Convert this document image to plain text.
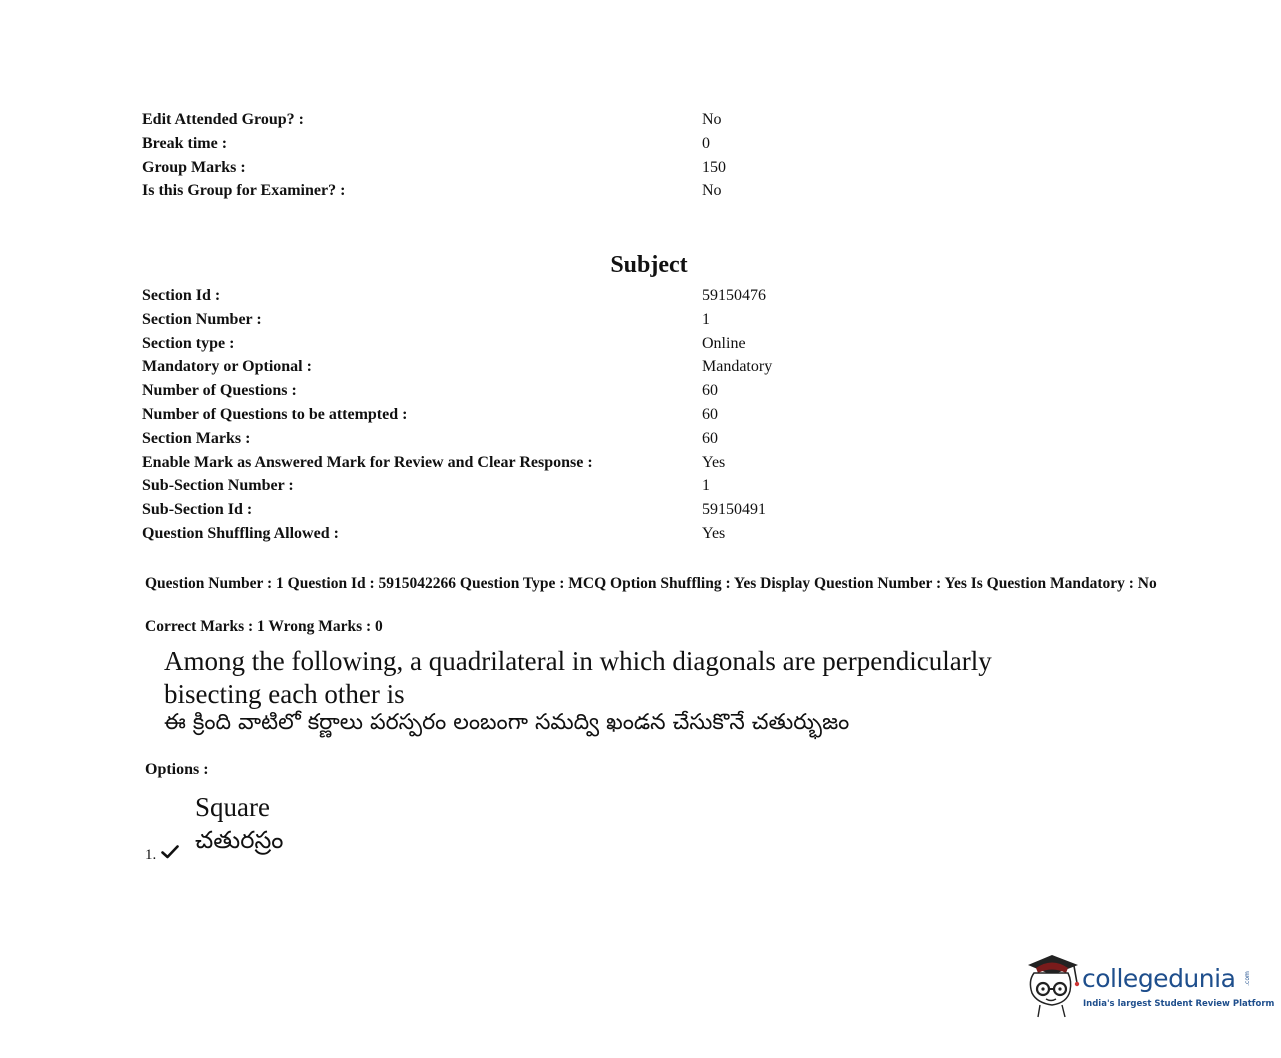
Edit Attended Group? :	No
Break time :	0
Group Marks :	150
Is this Group for Examiner? :	No
Subject
Section Id :	59150476
Section Number :	1
Section type :	Online
Mandatory or Optional :	Mandatory
Number of Questions :	60
Number of Questions to be attempted :	60
Section Marks :	60
Enable Mark as Answered Mark for Review and Clear Response :	Yes
Sub-Section Number :	1
Sub-Section Id :	59150491
Question Shuffling Allowed :	Yes
Question Number : 1 Question Id : 5915042266 Question Type : MCQ Option Shuffling : Yes Display Question Number : Yes Is Question Mandatory : No
Correct Marks : 1 Wrong Marks : 0
Among the following, a quadrilateral in which diagonals are perpendicularly bisecting each other is
ఈ క్రింది వాటిలో కర్ణాలు పరస్పరం లంబంగా సమద్వి ఖండన చేసుకొనే చతుర్భుజం
Options :
Square
చతురస్రం
1.
collegedunia .com
India's largest Student Review Platform
